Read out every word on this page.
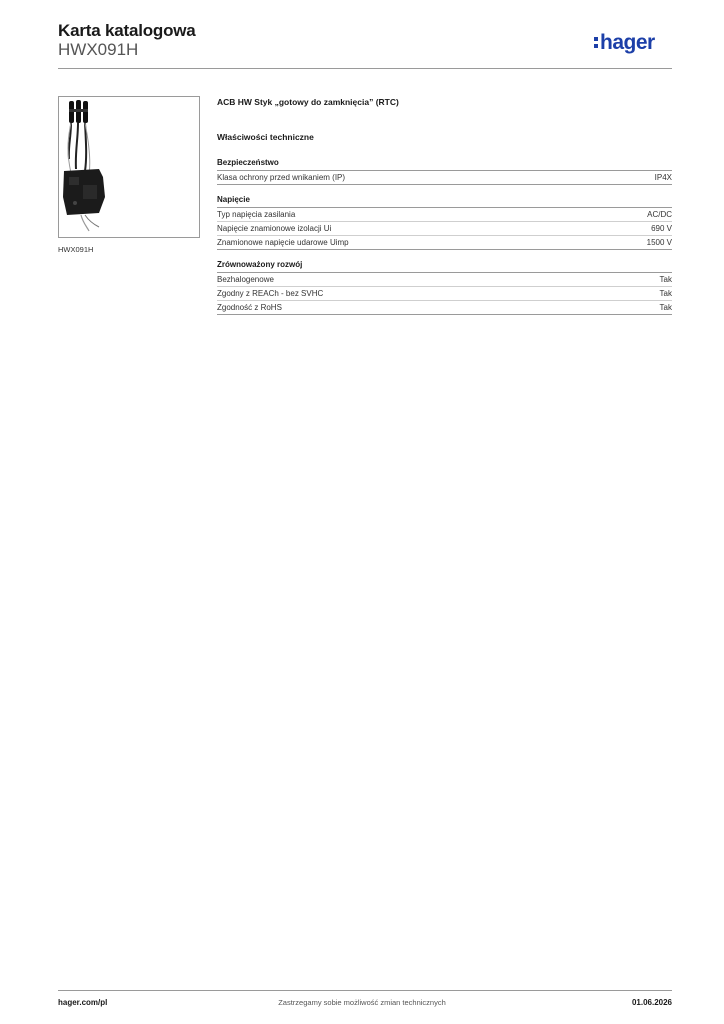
Karta katalogowa
HWX091H	hager
HWX091H
ACB HW Styk „gotowy do zamknięcia” (RTC)
Właściwości techniczne
Bezpieczeństwo
Klasa ochrony przed wnikaniem (IP)	IP4X
Napięcie
Typ napięcia zasilania	AC/DC
Napięcie znamionowe izolacji Ui	690 V
Znamionowe napięcie udarowe Uimp	1500 V
Zrównoważony rozwój
Bezhalogenowe	Tak
Zgodny z REACh - bez SVHC	Tak
Zgodność z RoHS	Tak
hager.com/pl	Zastrzegamy sobie możliwość zmian technicznych	01.06.2026
